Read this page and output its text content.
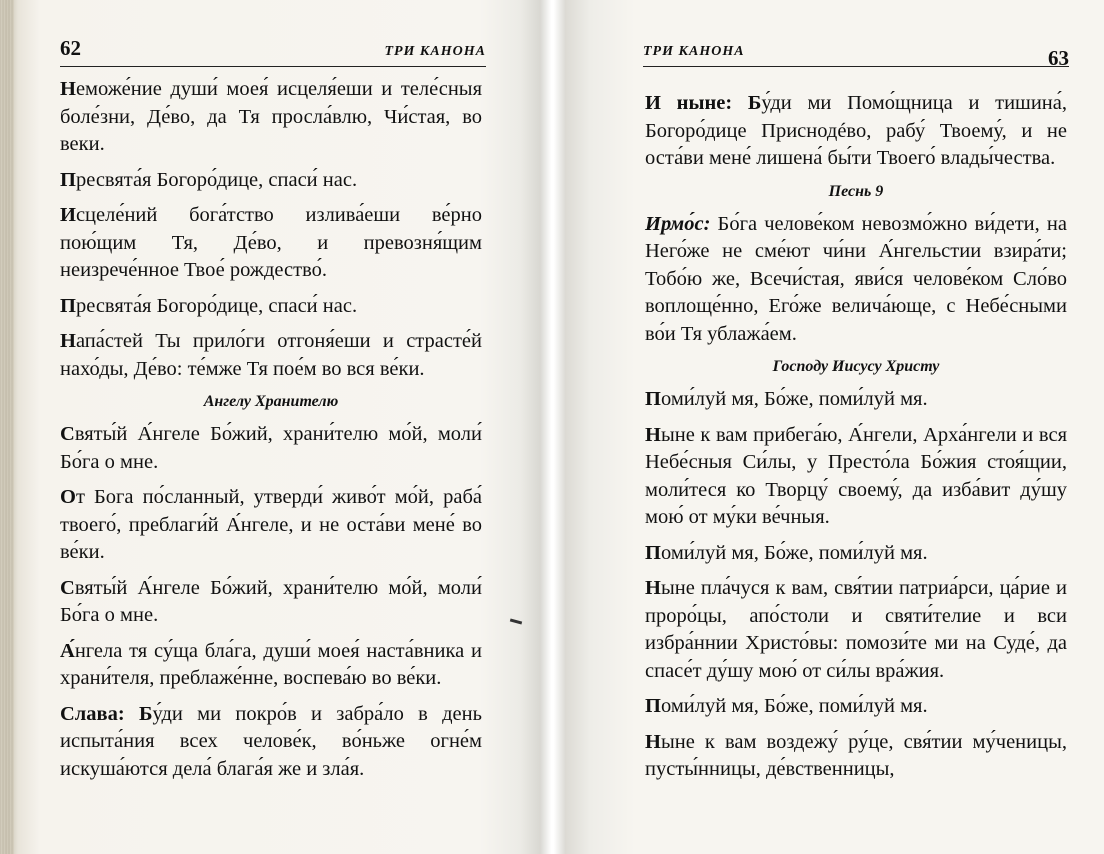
62	ТРИ КАНОНА	ТРИ КАНОНА	63

Неможе́ние души́ моея́ исцеля́еши и теле́сныя боле́зни, Де́во, да Тя просла́влю, Чи́стая, во веки.

Пресвята́я Богоро́дице, спаси́ нас.

Исцеле́ний бога́тство излива́еши ве́рно пою́щим Тя, Де́во, и превозня́щим неизрече́нное Твое́ рождество́.

Пресвята́я Богоро́дице, спаси́ нас.

Напа́стей Ты прило́ги отгоня́еши и страсте́й нахо́ды, Де́во: те́мже Тя пое́м во вся ве́ки.

Ангелу Хранителю

Святы́й А́нгеле Бо́жий, храни́телю мо́й, моли́ Бо́га о мне.

От Бога по́сланный, утверди́ живо́т мо́й, раба́ твоего́, преблаги́й А́нгеле, и не оста́ви мене́ во ве́ки.

Святы́й А́нгеле Бо́жий, храни́телю мо́й, моли́ Бо́га о мне.

А́нгела тя су́ща бла́га, души́ моея́ наста́вника и храни́теля, преблаже́нне, воспева́ю во ве́ки.

Слава: Бу́ди ми покро́в и забра́ло в день испыта́ния всех челове́к, во́ньже огне́м искуша́ются дела́ блага́я же и зла́я.

И ныне: Бу́ди ми Помо́щница и тишина́, Богоро́дице Приснодéво, рабу́ Твоему́, и не оста́ви мене́ лишена́ бы́ти Твоего́ влады́чества.

Песнь 9

Ирмо́с: Бо́га челове́ком невозмо́жно ви́дети, на Него́же не сме́ют чи́ни А́нгельстии взира́ти; Тобо́ю же, Всечи́стая, яви́ся челове́ком Сло́во воплоще́нно, Его́же велича́юще, с Небе́сными во́и Тя ублажа́ем.

Господу Иисусу Христу

Поми́луй мя, Бо́же, поми́луй мя.

Ныне к вам прибега́ю, А́нгели, Арха́нгели и вся Небе́сныя Си́лы, у Престо́ла Бо́жия стоя́щии, моли́теся ко Творцу́ своему́, да изба́вит ду́шу мою́ от му́ки ве́чныя.

Поми́луй мя, Бо́же, поми́луй мя.

Ныне пла́чуся к вам, свя́тии патриа́рси, ца́рие и проро́цы, апо́столи и святи́телие и вси избра́ннии Христо́вы: помози́те ми на Суде́, да спасе́т ду́шу мою́ от си́лы вра́жия.

Поми́луй мя, Бо́же, поми́луй мя.

Ныне к вам воздежу́ ру́це, свя́тии му́ченицы, пусты́нницы, де́вственницы,
